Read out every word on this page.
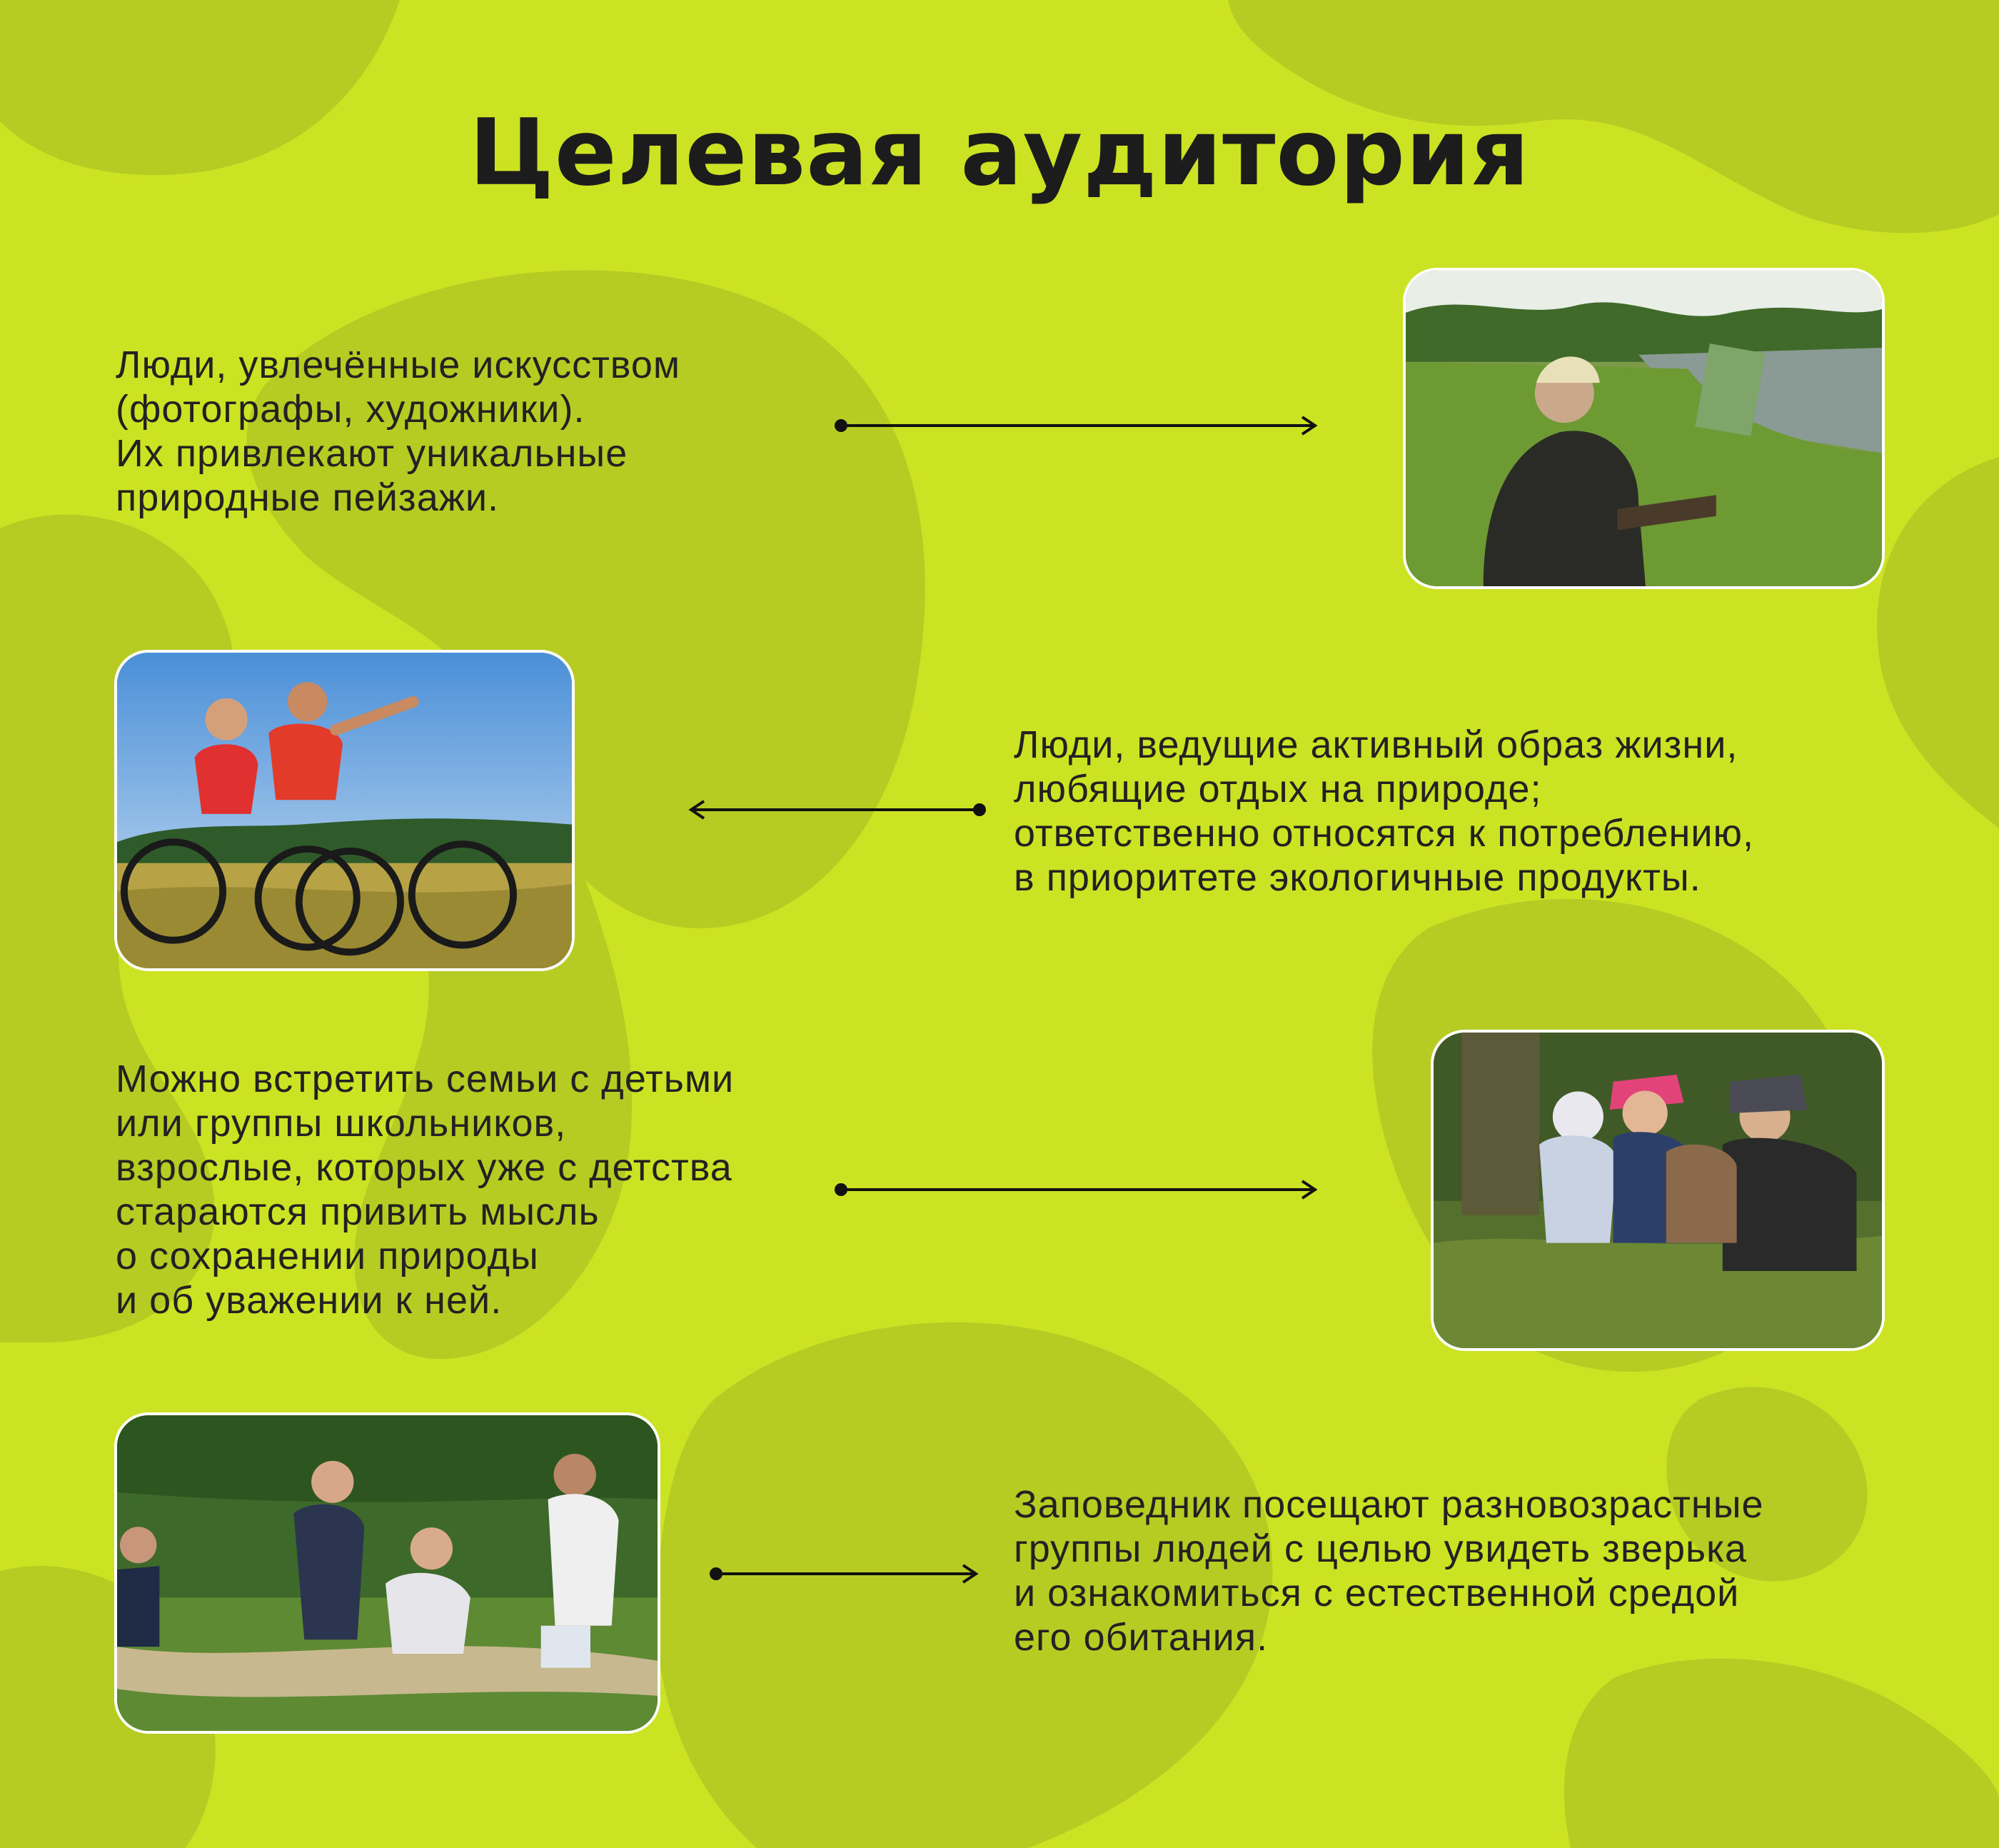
Целевая аудитория
Люди, увлечённые искусством
(фотографы, художники).
Их привлекают уникальные
природные пейзажи.
Люди, ведущие активный образ жизни,
любящие отдых на природе;
ответственно относятся к потреблению,
в приоритете экологичные продукты.
Можно встретить семьи с детьми
или группы школьников,
взрослые, которых уже с детства
стараются привить мысль
о сохранении природы
и об уважении к ней.
Заповедник посещают разновозрастные
группы людей с целью увидеть зверька
и ознакомиться с естественной средой
его обитания.
